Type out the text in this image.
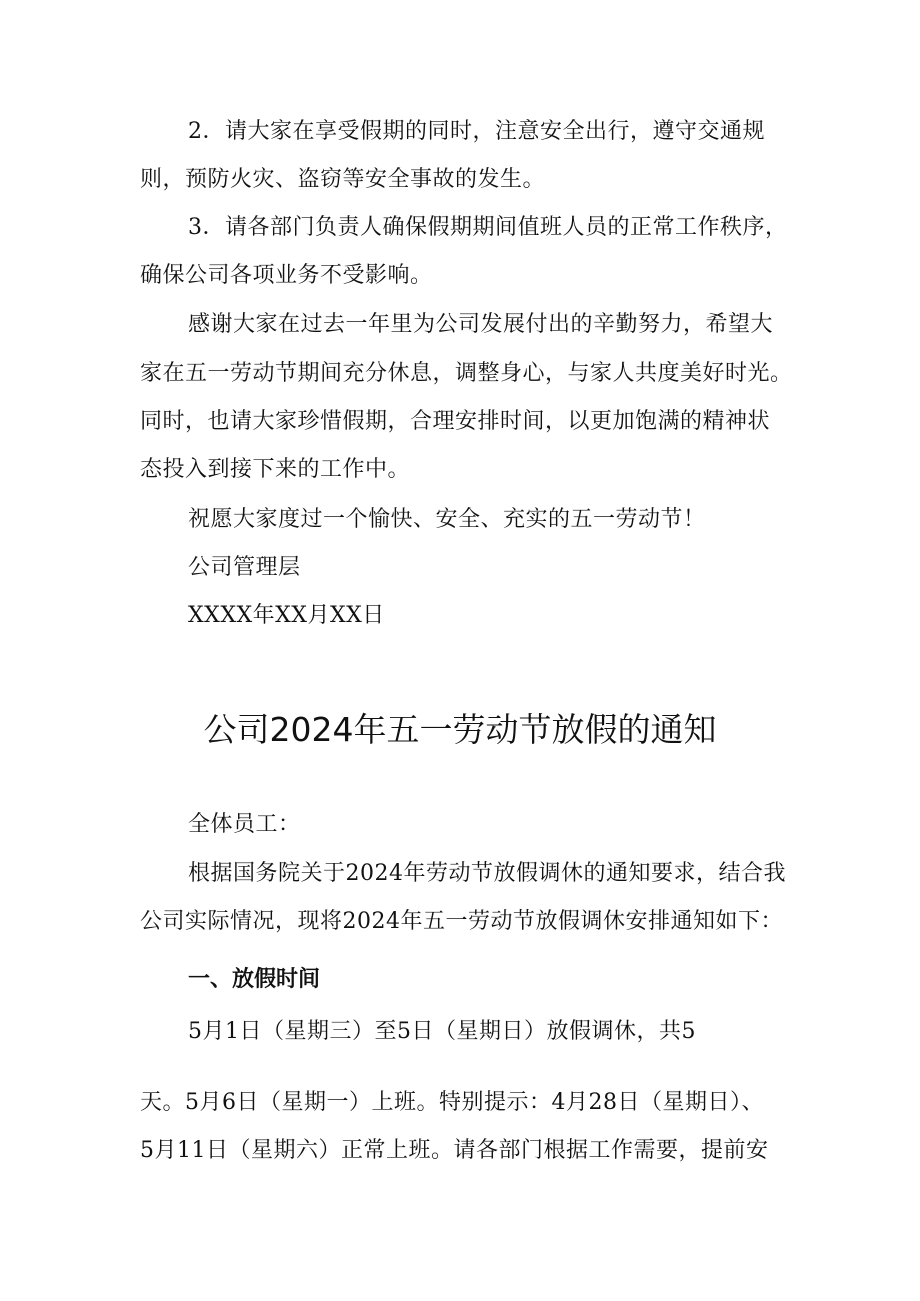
2．请大家在享受假期的同时，注意安全出行，遵守交通规
则，预防火灾、盗窃等安全事故的发生。
3．请各部门负责人确保假期期间值班人员的正常工作秩序，
确保公司各项业务不受影响。
感谢大家在过去一年里为公司发展付出的辛勤努力，希望大
家在五一劳动节期间充分休息，调整身心，与家人共度美好时光。
同时，也请大家珍惜假期，合理安排时间，以更加饱满的精神状
态投入到接下来的工作中。
祝愿大家度过一个愉快、安全、充实的五一劳动节！
公司管理层
XXXX年XX月XX日
公司2024年五一劳动节放假的通知
全体员工：
根据国务院关于2024年劳动节放假调休的通知要求，结合我
公司实际情况，现将2024年五一劳动节放假调休安排通知如下：
一、放假时间
5月1日（星期三）至5日（星期日）放假调休，共5
天。5月6日（星期一）上班。特别提示：4月28日（星期日）、
5月11日（星期六）正常上班。请各部门根据工作需要，提前安
